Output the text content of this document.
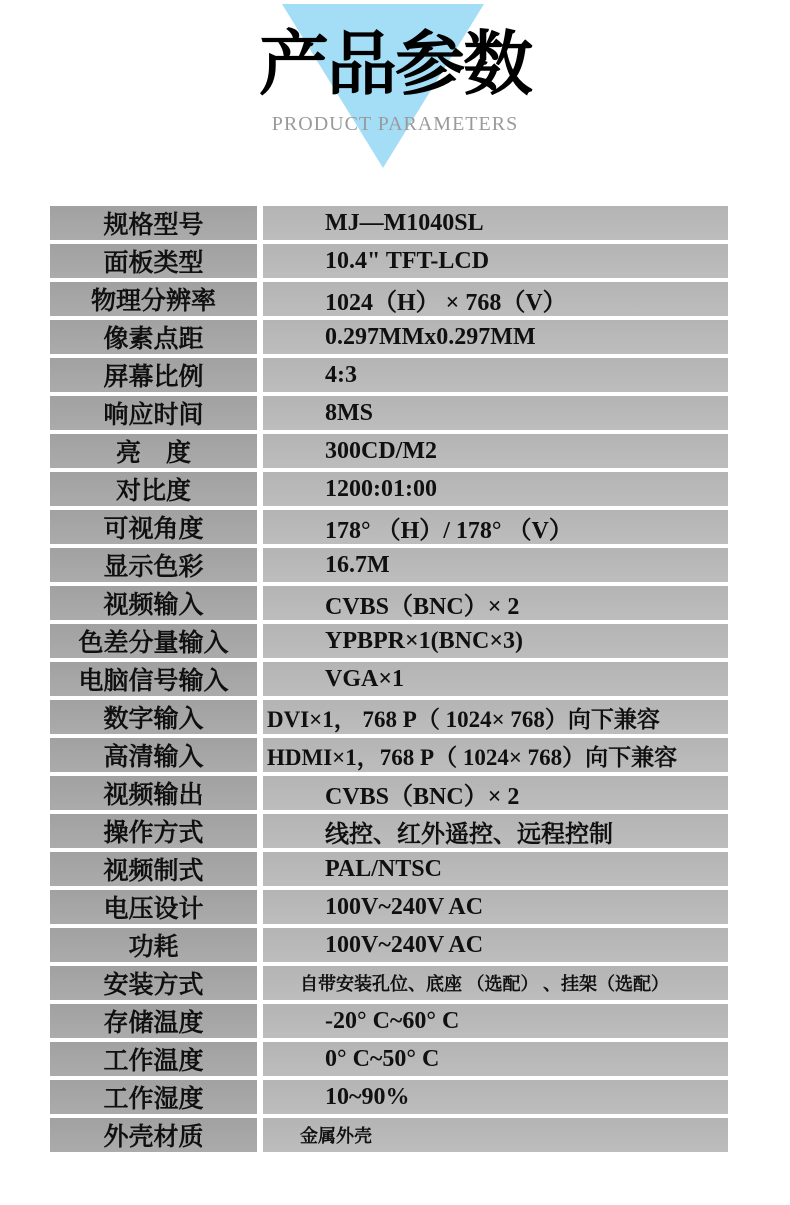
产品参数
PRODUCT PARAMETERS
规格型号	MJ—M1040SL
面板类型	10.4" TFT-LCD
物理分辨率	1024（H） × 768（V）
像素点距	0.297MMx0.297MM
屏幕比例	4:3
响应时间	8MS
亮　度	300CD/M2
对比度	1200:01:00
可视角度	178° （H）/ 178° （V）
显示色彩	16.7M
视频输入	CVBS（BNC）× 2
色差分量输入	YPBPR×1(BNC×3)
电脑信号输入	VGA×1
数字输入	DVI×1， 768 P（ 1024× 768）向下兼容
高清输入	HDMI×1，768 P（ 1024× 768）向下兼容
视频输出	CVBS（BNC）× 2
操作方式	线控、红外遥控、远程控制
视频制式	PAL/NTSC
电压设计	100V~240V AC
功耗	100V~240V AC
安装方式	自带安装孔位、底座 （选配） 、挂架（选配）
存储温度	-20° C~60° C
工作温度	0° C~50° C
工作湿度	10~90%
外壳材质	金属外壳
